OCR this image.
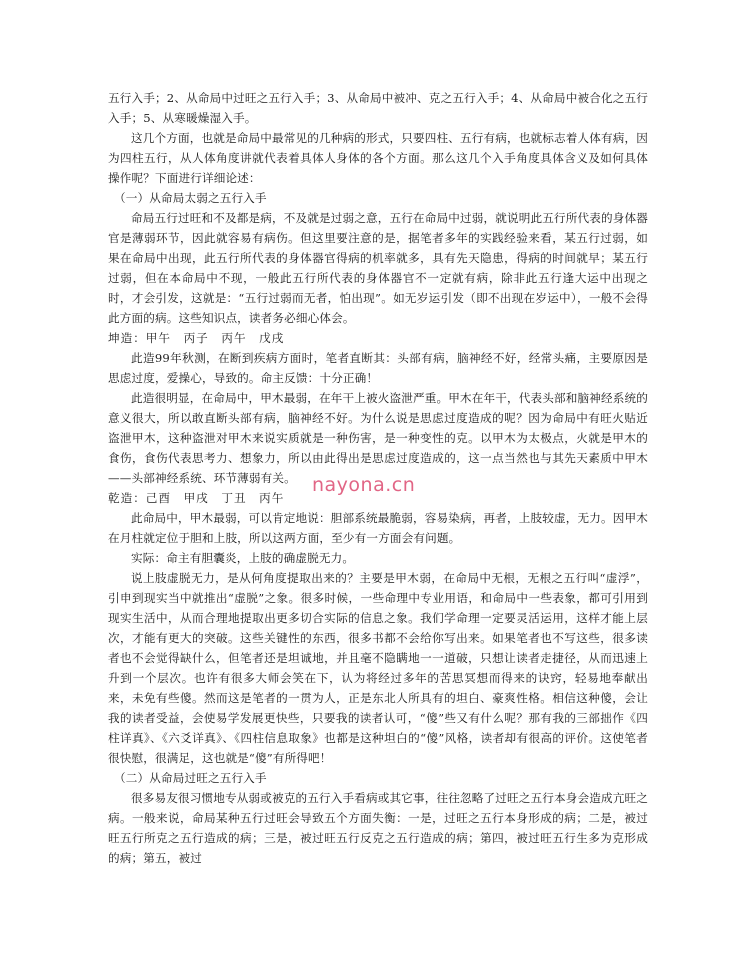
五行入手；2、从命局中过旺之五行入手；3、从命局中被冲、克之五行入手；4、从命局中被合化之五行入手；5、从寒暖燥湿入手。

这几个方面，也就是命局中最常见的几种病的形式，只要四柱、五行有病，也就标志着人体有病，因为四柱五行，从人体角度讲就代表着具体人身体的各个方面。那么这几个入手角度具体含义及如何具体操作呢？下面进行详细论述：

（一）从命局太弱之五行入手

命局五行过旺和不及都是病，不及就是过弱之意，五行在命局中过弱，就说明此五行所代表的身体器官是薄弱环节，因此就容易有病伤。但这里要注意的是，据笔者多年的实践经验来看，某五行过弱，如果在命局中出现，此五行所代表的身体器官得病的机率就多，具有先天隐患，得病的时间就早；某五行过弱，但在本命局中不现，一般此五行所代表的身体器官不一定就有病，除非此五行逢大运中出现之时，才会引发，这就是：“五行过弱而无者，怕出现”。如无岁运引发（即不出现在岁运中），一般不会得此方面的病。这些知识点，读者务必细心体会。

坤造：甲午　丙子　丙午　戊戌

此造99年秋测，在断到疾病方面时，笔者直断其：头部有病，脑神经不好，经常头痛，主要原因是思虑过度，爱操心，导致的。命主反馈：十分正确！

此造很明显，在命局中，甲木最弱，在年干上被火盗泄严重。甲木在年干，代表头部和脑神经系统的意义很大，所以敢直断头部有病，脑神经不好。为什么说是思虑过度造成的呢？因为命局中有旺火贴近盗泄甲木，这种盗泄对甲木来说实质就是一种伤害，是一种变性的克。以甲木为太极点，火就是甲木的食伤，食伤代表思考力、想象力，所以由此得出是思虑过度造成的，这一点当然也与其先天素质中甲木——头部神经系统、环节薄弱有关。

乾造：己酉　甲戌　丁丑　丙午

此命局中，甲木最弱，可以肯定地说：胆部系统最脆弱，容易染病，再者，上肢较虚，无力。因甲木在月柱就定位于胆和上肢，所以这两方面，至少有一方面会有问题。

实际：命主有胆囊炎，上肢的确虚脱无力。

说上肢虚脱无力，是从何角度提取出来的？主要是甲木弱，在命局中无根，无根之五行叫“虚浮”，引申到现实当中就推出“虚脱”之象。很多时候，一些命理中专业用语，和命局中一些表象，都可引用到现实生活中，从而合理地提取出更多切合实际的信息之象。我们学命理一定要灵活运用，这样才能上层次，才能有更大的突破。这些关键性的东西，很多书都不会给你写出来。如果笔者也不写这些，很多读者也不会觉得缺什么，但笔者还是坦诚地，并且毫不隐瞒地一一道破，只想让读者走捷径，从而迅速上升到一个层次。也许有很多大师会笑在下，认为将经过多年的苦思冥想而得来的诀窍，轻易地奉献出来，未免有些傻。然而这是笔者的一贯为人，正是东北人所具有的坦白、豪爽性格。相信这种傻，会让我的读者受益，会使易学发展更快些，只要我的读者认可，“傻”些又有什么呢？那有我的三部拙作《四柱详真》、《六爻详真》、《四柱信息取象》也都是这种坦白的“傻”风格，读者却有很高的评价。这使笔者很快慰，很满足，这也就是“傻”有所得吧！

（二）从命局过旺之五行入手

很多易友很习惯地专从弱或被克的五行入手看病或其它事，往往忽略了过旺之五行本身会造成亢旺之病。一般来说，命局某种五行过旺会导致五个方面失衡：一是，过旺之五行本身形成的病；二是，被过旺五行所克之五行造成的病；三是，被过旺五行反克之五行造成的病；第四，被过旺五行生多为克形成的病；第五，被过

nayona.cn
